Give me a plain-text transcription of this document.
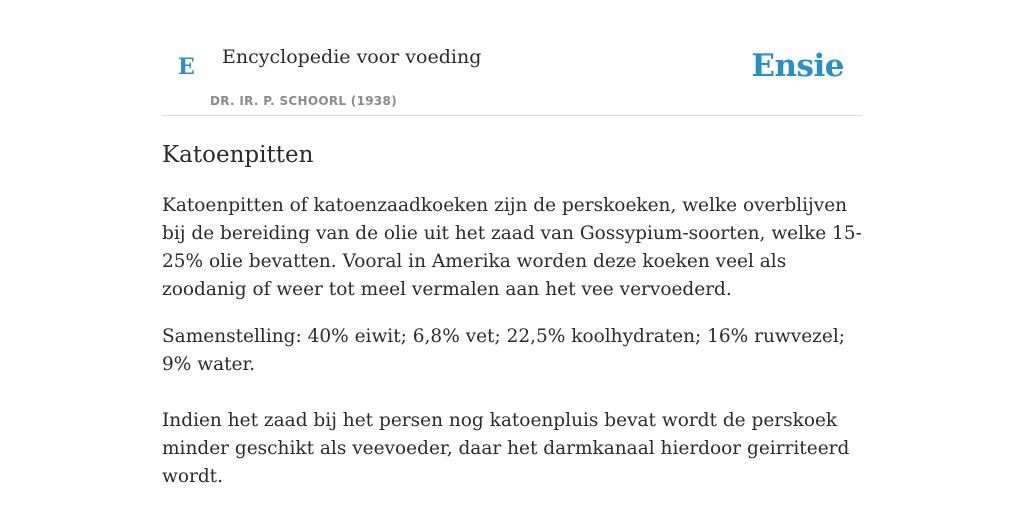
E Encyclopedie voor voeding
DR. IR. P. SCHOORL (1938)
Ensie
Katoenpitten

Katoenpitten of katoenzaadkoeken zijn de perskoeken, welke overblijven bij de bereiding van de olie uit het zaad van Gossypium-soorten, welke 15-25% olie bevatten. Vooral in Amerika worden deze koeken veel als zoodanig of weer tot meel vermalen aan het vee vervoederd.

Samenstelling: 40% eiwit; 6,8% vet; 22,5% koolhydraten; 16% ruwvezel; 9% water.

Indien het zaad bij het persen nog katoenpluis bevat wordt de perskoek minder geschikt als veevoeder, daar het darmkanaal hierdoor geirriteerd wordt.
